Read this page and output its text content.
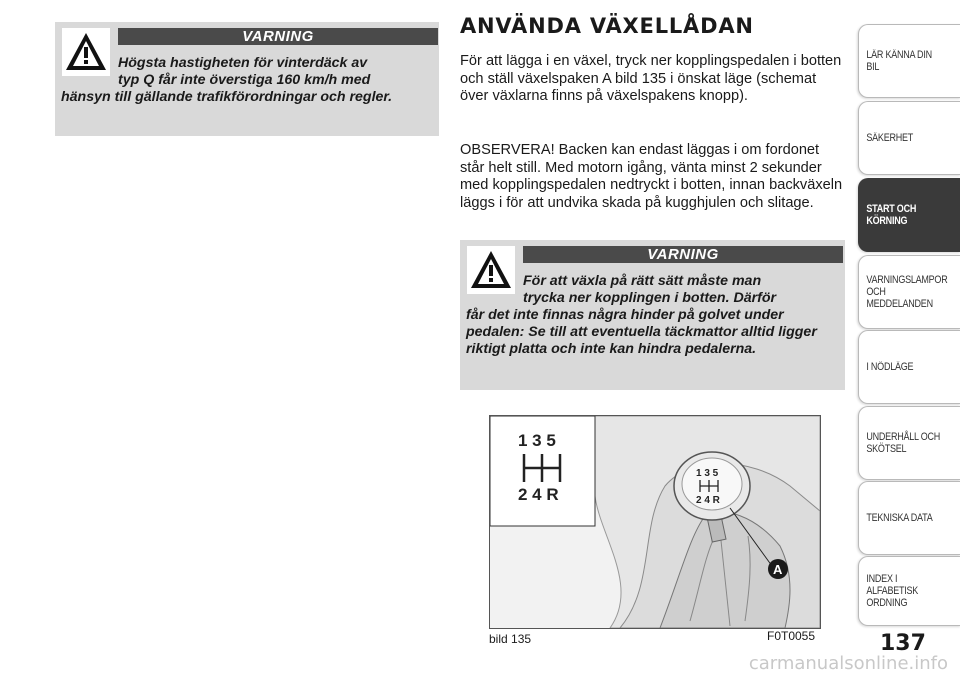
VARNING
Högsta hastigheten för vinterdäck av
typ Q får inte överstiga 160 km/h med
hänsyn till gällande trafikförordningar och regler.
ANVÄNDA VÄXELLÅDAN

För att lägga i en växel, tryck ner kopplingspedalen i botten och ställ växelspaken A bild 135 i önskat läge (schemat över växlarna finns på växelspakens knopp).

OBSERVERA! Backen kan endast läggas i om fordonet står helt still. Med motorn igång, vänta minst 2 sekunder med kopplingspedalen nedtryckt i botten, innan backväxeln läggs i för att undvika skada på kugghjulen och slitage.

VARNING
För att växla på rätt sätt måste man
trycka ner kopplingen i botten. Därför
får det inte finnas några hinder på golvet under pedalen: Se till att eventuella täckmattor alltid ligger riktigt platta och inte kan hindra pedalerna.
1 3 5
2 4 R
A
1 3 5
2 4 R
bild 135	F0T0055
LÄR KÄNNA DIN BIL
SÄKERHET
START OCH
KÖRNING
VARNINGSLAMPOR
OCH
MEDDELANDEN
I NÖDLÄGE
UNDERHÅLL OCH
SKÖTSEL
TEKNISKA DATA
INDEX I ALFABETISK
ORDNING
137
carmanualsonline.info
